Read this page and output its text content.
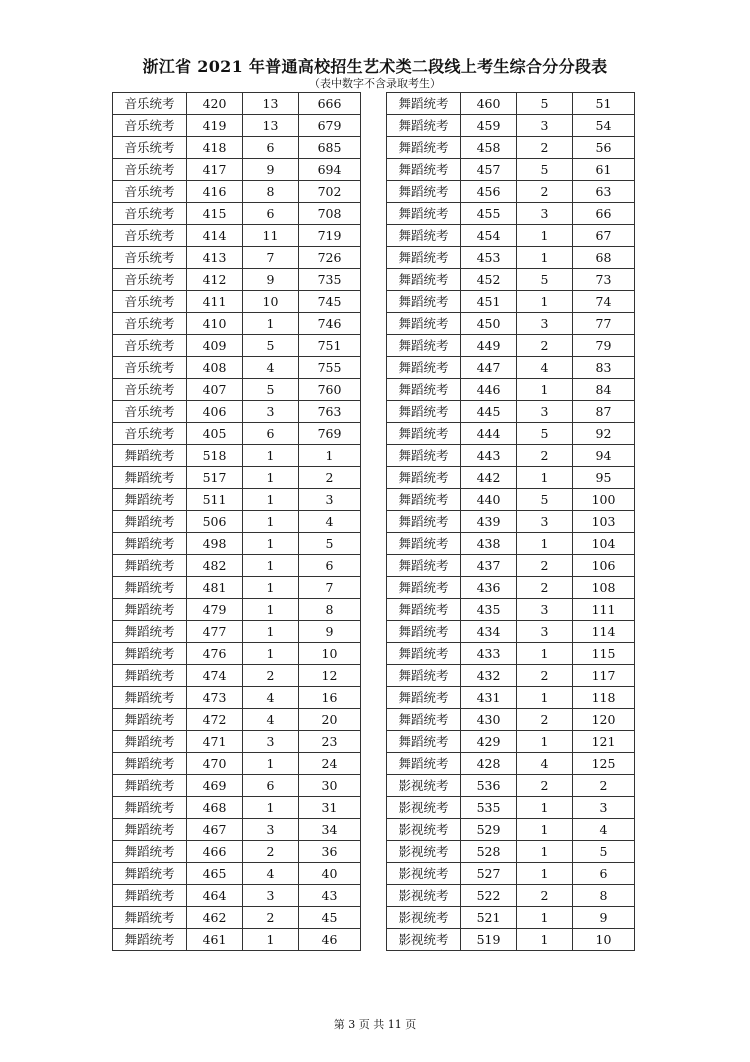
浙江省 2021 年普通高校招生艺术类二段线上考生综合分分段表
（表中数字不含录取考生）
音乐统考	420	13	666
音乐统考	419	13	679
音乐统考	418	6	685
音乐统考	417	9	694
音乐统考	416	8	702
音乐统考	415	6	708
音乐统考	414	11	719
音乐统考	413	7	726
音乐统考	412	9	735
音乐统考	411	10	745
音乐统考	410	1	746
音乐统考	409	5	751
音乐统考	408	4	755
音乐统考	407	5	760
音乐统考	406	3	763
音乐统考	405	6	769
舞蹈统考	518	1	1
舞蹈统考	517	1	2
舞蹈统考	511	1	3
舞蹈统考	506	1	4
舞蹈统考	498	1	5
舞蹈统考	482	1	6
舞蹈统考	481	1	7
舞蹈统考	479	1	8
舞蹈统考	477	1	9
舞蹈统考	476	1	10
舞蹈统考	474	2	12
舞蹈统考	473	4	16
舞蹈统考	472	4	20
舞蹈统考	471	3	23
舞蹈统考	470	1	24
舞蹈统考	469	6	30
舞蹈统考	468	1	31
舞蹈统考	467	3	34
舞蹈统考	466	2	36
舞蹈统考	465	4	40
舞蹈统考	464	3	43
舞蹈统考	462	2	45
舞蹈统考	461	1	46
舞蹈统考	460	5	51
舞蹈统考	459	3	54
舞蹈统考	458	2	56
舞蹈统考	457	5	61
舞蹈统考	456	2	63
舞蹈统考	455	3	66
舞蹈统考	454	1	67
舞蹈统考	453	1	68
舞蹈统考	452	5	73
舞蹈统考	451	1	74
舞蹈统考	450	3	77
舞蹈统考	449	2	79
舞蹈统考	447	4	83
舞蹈统考	446	1	84
舞蹈统考	445	3	87
舞蹈统考	444	5	92
舞蹈统考	443	2	94
舞蹈统考	442	1	95
舞蹈统考	440	5	100
舞蹈统考	439	3	103
舞蹈统考	438	1	104
舞蹈统考	437	2	106
舞蹈统考	436	2	108
舞蹈统考	435	3	111
舞蹈统考	434	3	114
舞蹈统考	433	1	115
舞蹈统考	432	2	117
舞蹈统考	431	1	118
舞蹈统考	430	2	120
舞蹈统考	429	1	121
舞蹈统考	428	4	125
影视统考	536	2	2
影视统考	535	1	3
影视统考	529	1	4
影视统考	528	1	5
影视统考	527	1	6
影视统考	522	2	8
影视统考	521	1	9
影视统考	519	1	10
第 3 页 共 11 页
